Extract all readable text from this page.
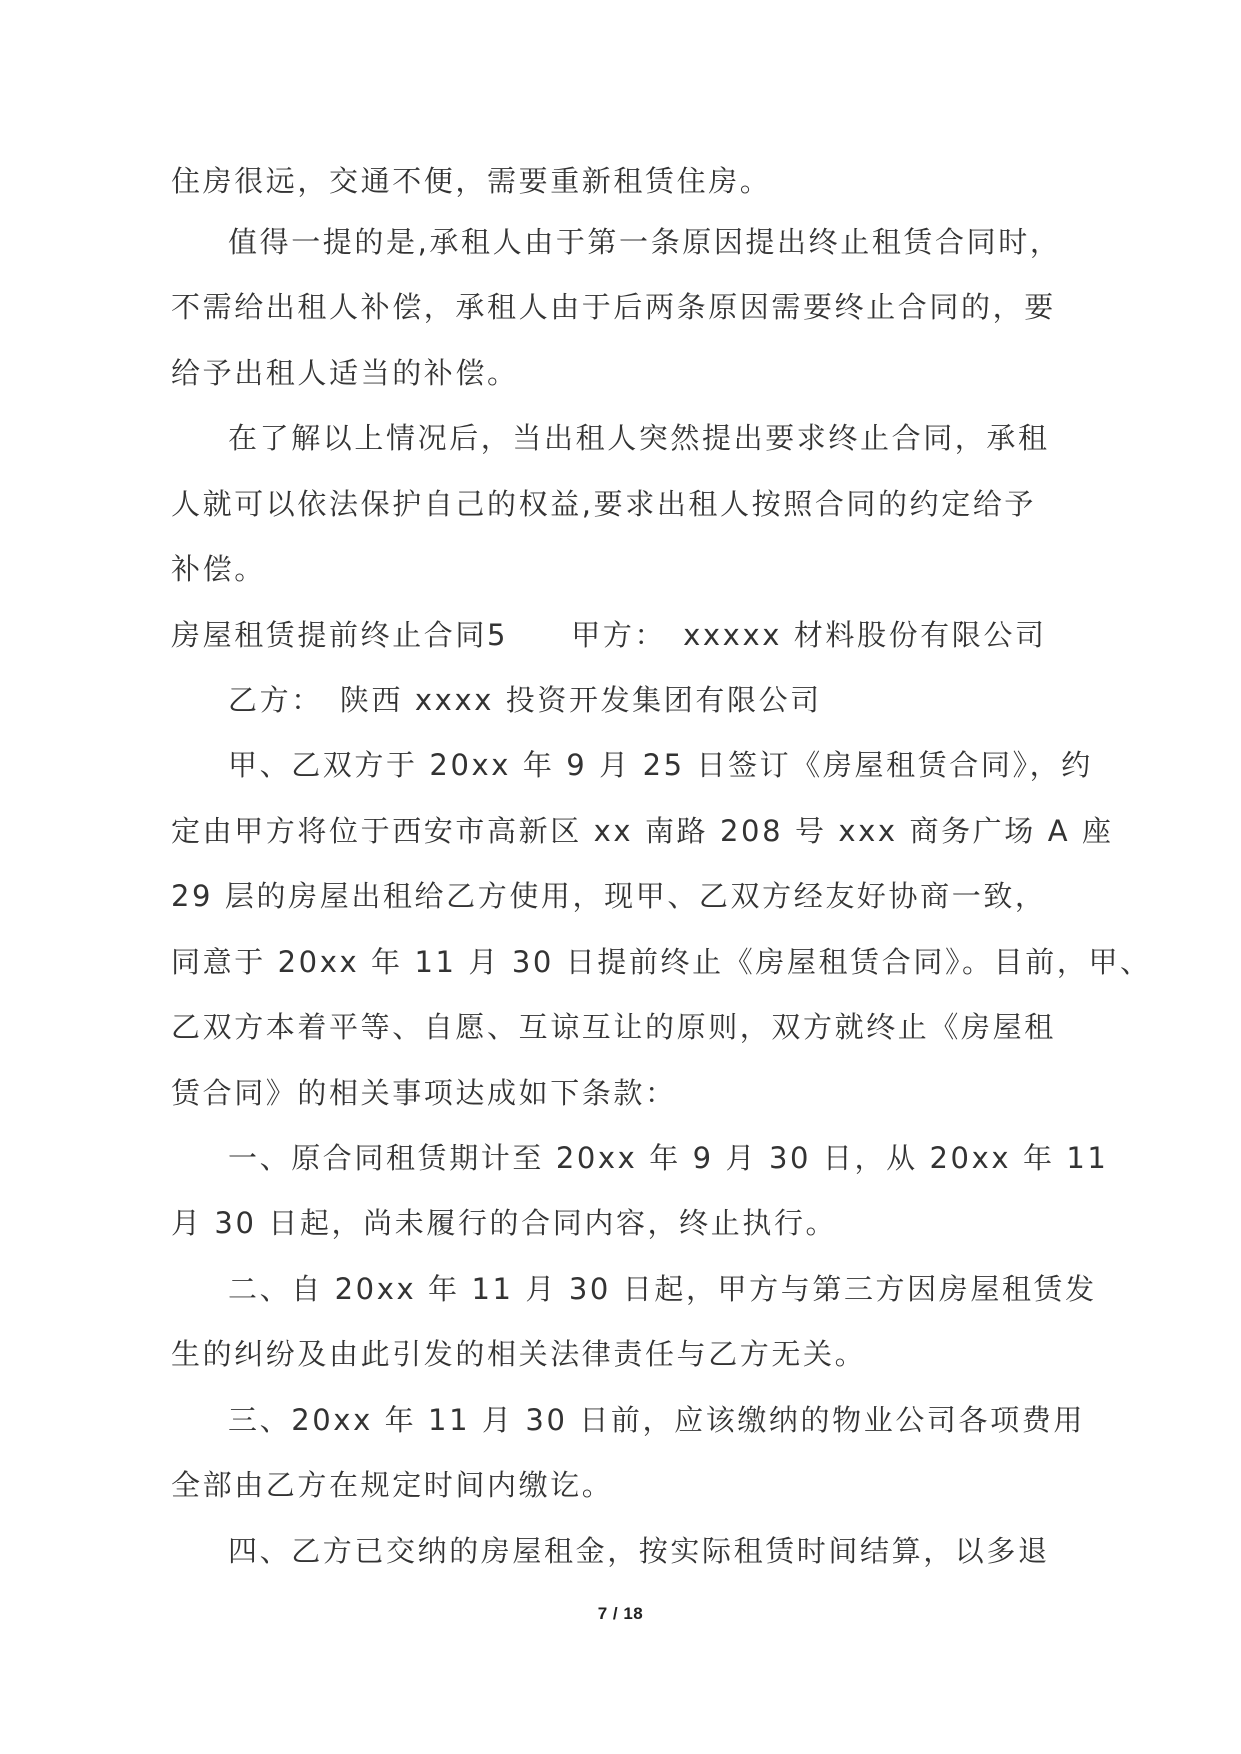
住房很远，交通不便，需要重新租赁住房。
值得一提的是,承租人由于第一条原因提出终止租赁合同时，
不需给出租人补偿，承租人由于后两条原因需要终止合同的，要
给予出租人适当的补偿。
在了解以上情况后，当出租人突然提出要求终止合同，承租
人就可以依法保护自己的权益,要求出租人按照合同的约定给予
补偿。
房屋租赁提前终止合同5　　甲方：　xxxxx 材料股份有限公司
乙方：　陕西 xxxx 投资开发集团有限公司
甲、乙双方于 20xx 年 9 月 25 日签订《房屋租赁合同》，约
定由甲方将位于西安市高新区 xx 南路 208 号 xxx 商务广场 A 座
29 层的房屋出租给乙方使用，现甲、乙双方经友好协商一致，
同意于 20xx 年 11 月 30 日提前终止《房屋租赁合同》。目前，甲、
乙双方本着平等、自愿、互谅互让的原则，双方就终止《房屋租
赁合同》的相关事项达成如下条款：
一、原合同租赁期计至 20xx 年 9 月 30 日，从 20xx 年 11
月 30 日起，尚未履行的合同内容，终止执行。
二、自 20xx 年 11 月 30 日起，甲方与第三方因房屋租赁发
生的纠纷及由此引发的相关法律责任与乙方无关。
三、20xx 年 11 月 30 日前，应该缴纳的物业公司各项费用
全部由乙方在规定时间内缴讫。
四、乙方已交纳的房屋租金，按实际租赁时间结算，以多退
7 / 18
